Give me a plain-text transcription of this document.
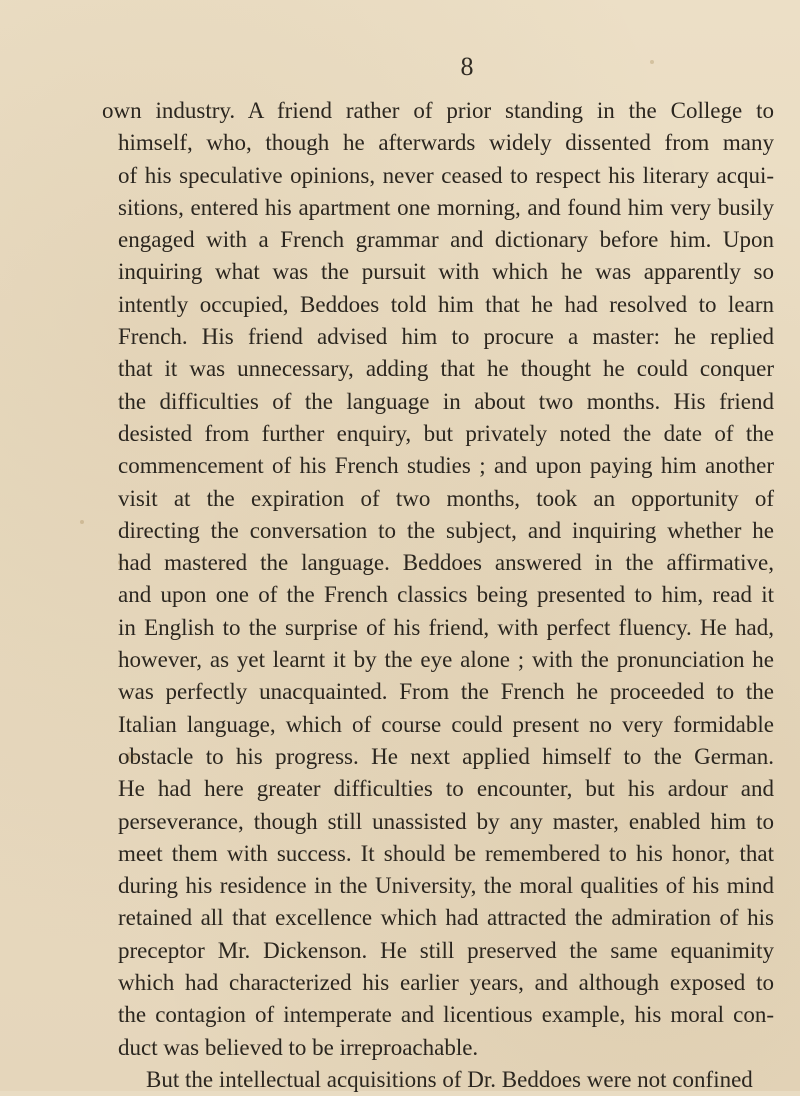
8
own industry. A friend rather of prior standing in the College to
himself, who, though he afterwards widely dissented from many
of his speculative opinions, never ceased to respect his literary acqui-
sitions, entered his apartment one morning, and found him very busily
engaged with a French grammar and dictionary before him. Upon
inquiring what was the pursuit with which he was apparently so
intently occupied, Beddoes told him that he had resolved to learn
French. His friend advised him to procure a master: he replied
that it was unnecessary, adding that he thought he could conquer
the difficulties of the language in about two months. His friend
desisted from further enquiry, but privately noted the date of the
commencement of his French studies ; and upon paying him another
visit at the expiration of two months, took an opportunity of
directing the conversation to the subject, and inquiring whether he
had mastered the language. Beddoes answered in the affirmative,
and upon one of the French classics being presented to him, read it
in English to the surprise of his friend, with perfect fluency. He had,
however, as yet learnt it by the eye alone ; with the pronunciation he
was perfectly unacquainted. From the French he proceeded to the
Italian language, which of course could present no very formidable
obstacle to his progress. He next applied himself to the German.
He had here greater difficulties to encounter, but his ardour and
perseverance, though still unassisted by any master, enabled him to
meet them with success. It should be remembered to his honor, that
during his residence in the University, the moral qualities of his mind
retained all that excellence which had attracted the admiration of his
preceptor Mr. Dickenson. He still preserved the same equanimity
which had characterized his earlier years, and although exposed to
the contagion of intemperate and licentious example, his moral con-
duct was believed to be irreproachable.
But the intellectual acquisitions of Dr. Beddoes were not confined
